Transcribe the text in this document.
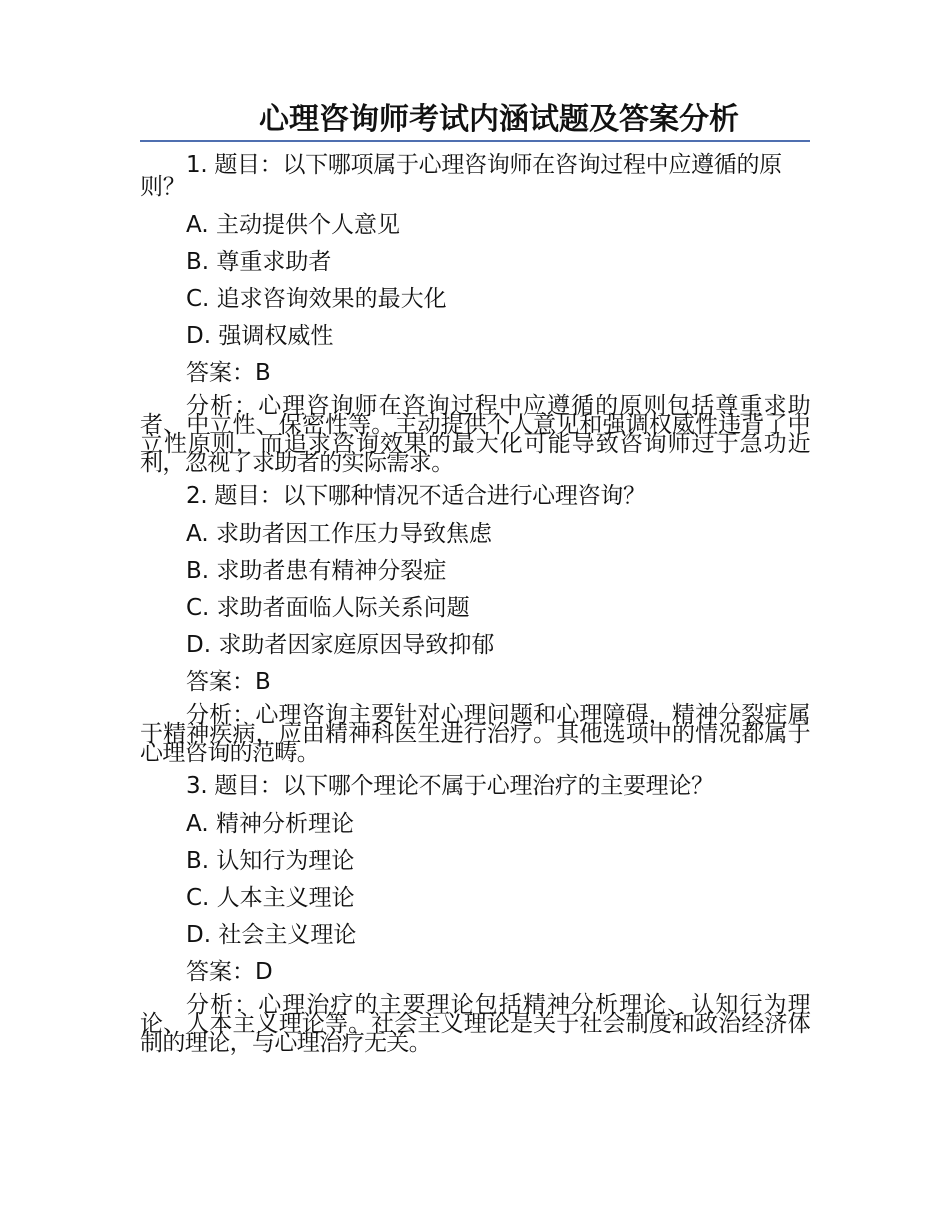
心理咨询师考试内涵试题及答案分析

1. 题目：以下哪项属于心理咨询师在咨询过程中应遵循的原则？

A. 主动提供个人意见

B. 尊重求助者

C. 追求咨询效果的最大化

D. 强调权威性

答案：B

分析：心理咨询师在咨询过程中应遵循的原则包括尊重求助者、中立性、保密性等。主动提供个人意见和强调权威性违背了中立性原则，而追求咨询效果的最大化可能导致咨询师过于急功近利，忽视了求助者的实际需求。

2. 题目：以下哪种情况不适合进行心理咨询？

A. 求助者因工作压力导致焦虑

B. 求助者患有精神分裂症

C. 求助者面临人际关系问题

D. 求助者因家庭原因导致抑郁

答案：B

分析：心理咨询主要针对心理问题和心理障碍，精神分裂症属于精神疾病，应由精神科医生进行治疗。其他选项中的情况都属于心理咨询的范畴。

3. 题目：以下哪个理论不属于心理治疗的主要理论？

A. 精神分析理论

B. 认知行为理论

C. 人本主义理论

D. 社会主义理论

答案：D

分析：心理治疗的主要理论包括精神分析理论、认知行为理论、人本主义理论等。社会主义理论是关于社会制度和政治经济体制的理论，与心理治疗无关。
